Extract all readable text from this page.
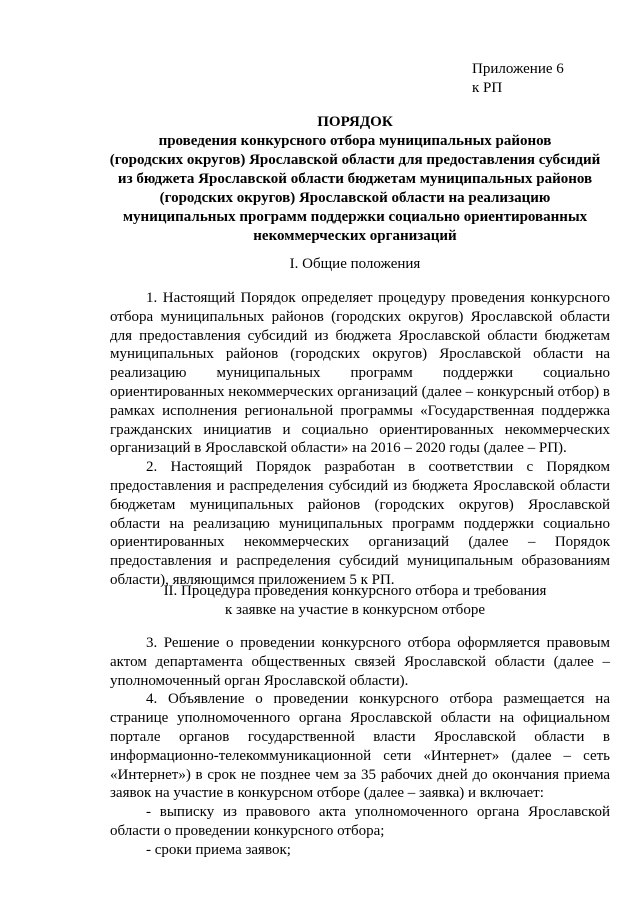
Приложение 6
к РП
ПОРЯДОК
проведения конкурсного отбора муниципальных районов
(городских округов) Ярославской области для предоставления субсидий
из бюджета Ярославской области бюджетам муниципальных районов
(городских округов) Ярославской области на реализацию
муниципальных программ поддержки социально ориентированных
некоммерческих организаций
I. Общие положения

1. Настоящий Порядок определяет процедуру проведения конкурсного отбора муниципальных районов (городских округов) Ярославской области для предоставления субсидий из бюджета Ярославской области бюджетам муниципальных районов (городских округов) Ярославской области на реализацию муниципальных программ поддержки социально ориентированных некоммерческих организаций (далее – конкурсный отбор) в рамках исполнения региональной программы «Государственная поддержка гражданских инициатив и социально ориентированных некоммерческих организаций в Ярославской области» на 2016 – 2020 годы (далее – РП).

2. Настоящий Порядок разработан в соответствии с Порядком предоставления и распределения субсидий из бюджета Ярославской области бюджетам муниципальных районов (городских округов) Ярославской области на реализацию муниципальных программ поддержки социально ориентированных некоммерческих организаций (далее – Порядок предоставления и распределения субсидий муниципальным образованиям области), являющимся приложением 5 к РП.

II. Процедура проведения конкурсного отбора и требования
к заявке на участие в конкурсном отборе

3. Решение о проведении конкурсного отбора оформляется правовым актом департамента общественных связей Ярославской области (далее – уполномоченный орган Ярославской области).

4. Объявление о проведении конкурсного отбора размещается на странице уполномоченного органа Ярославской области на официальном портале органов государственной власти Ярославской области в информационно-телекоммуникационной сети «Интернет» (далее – сеть «Интернет») в срок не позднее чем за 35 рабочих дней до окончания приема заявок на участие в конкурсном отборе (далее – заявка) и включает:

- выписку из правового акта уполномоченного органа Ярославской области о проведении конкурсного отбора;

- сроки приема заявок;
